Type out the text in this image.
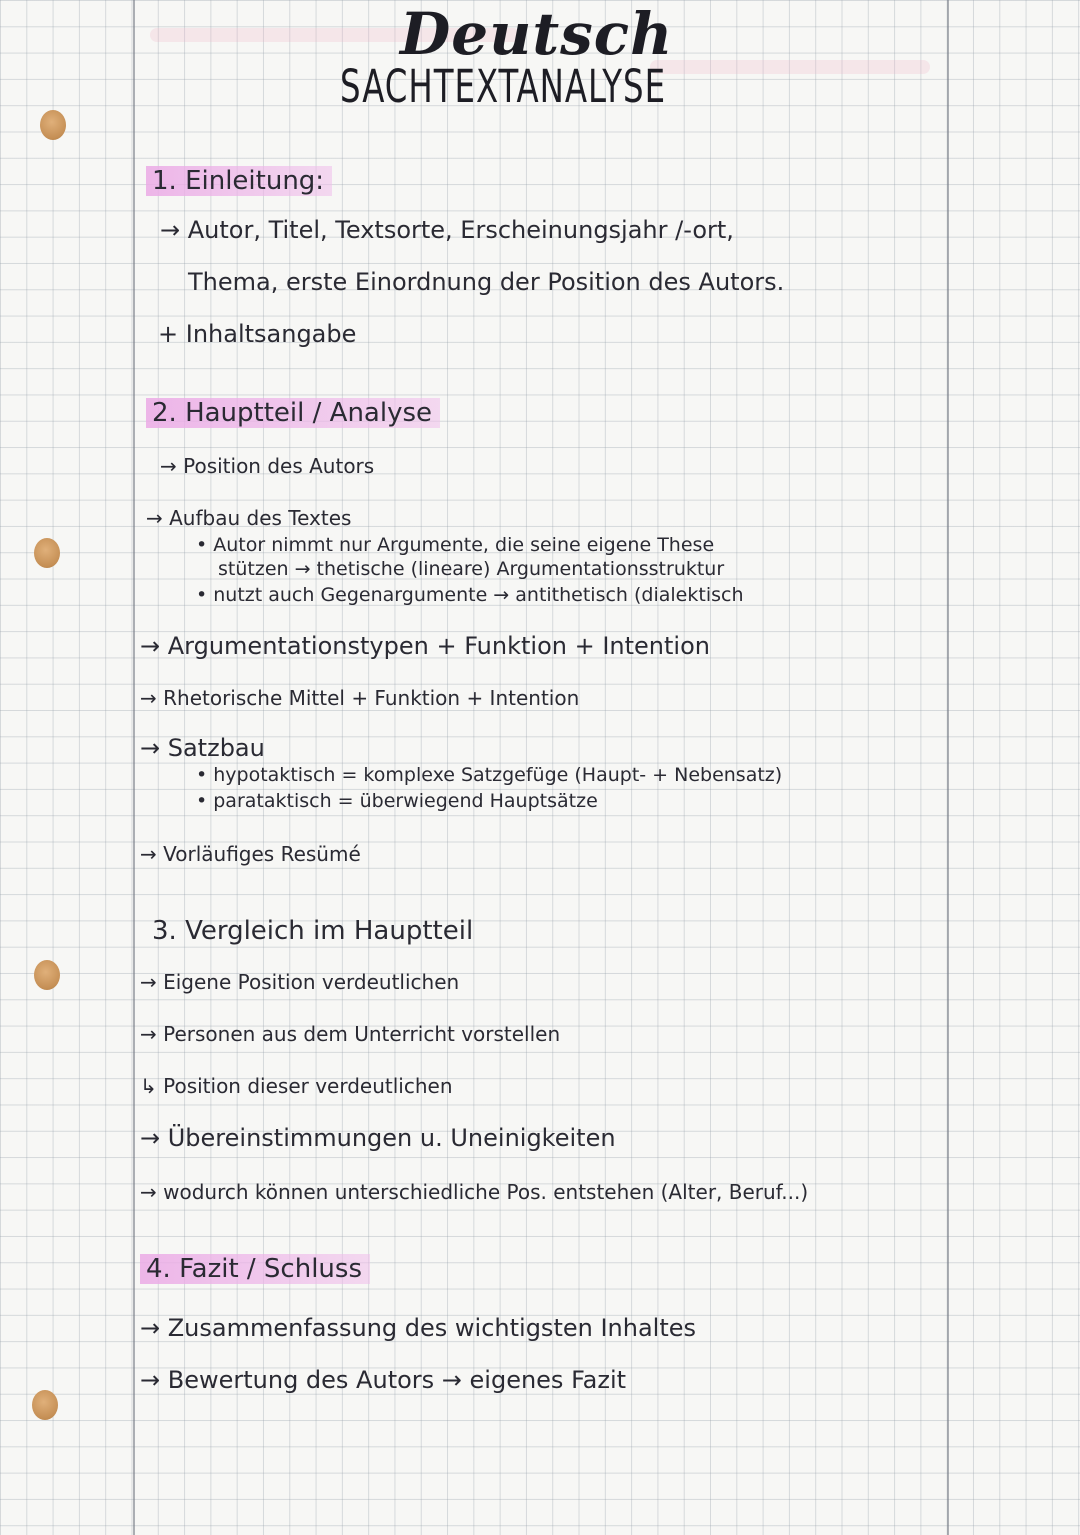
Deutsch
SACHTEXTANALYSE
1. Einleitung:
→ Autor, Titel, Textsorte, Erscheinungsjahr /-ort,
Thema, erste Einordnung der Position des Autors.
+ Inhaltsangabe
2. Hauptteil / Analyse
→ Position des Autors
→ Aufbau des Textes
• Autor nimmt nur Argumente, die seine eigene These
stützen → thetische (lineare) Argumentationsstruktur
• nutzt auch Gegenargumente → antithetisch (dialektisch
→ Argumentationstypen + Funktion + Intention
→ Rhetorische Mittel + Funktion + Intention
→ Satzbau
• hypotaktisch = komplexe Satzgefüge (Haupt- + Nebensatz)
• parataktisch = überwiegend Hauptsätze
→ Vorläufiges Resümé
3. Vergleich im Hauptteil
→ Eigene Position verdeutlichen
→ Personen aus dem Unterricht vorstellen
↳ Position dieser verdeutlichen
→ Übereinstimmungen u. Uneinigkeiten
→ wodurch können unterschiedliche Pos. entstehen (Alter, Beruf...)
4. Fazit / Schluss
→ Zusammenfassung des wichtigsten Inhaltes
→ Bewertung des Autors → eigenes Fazit
